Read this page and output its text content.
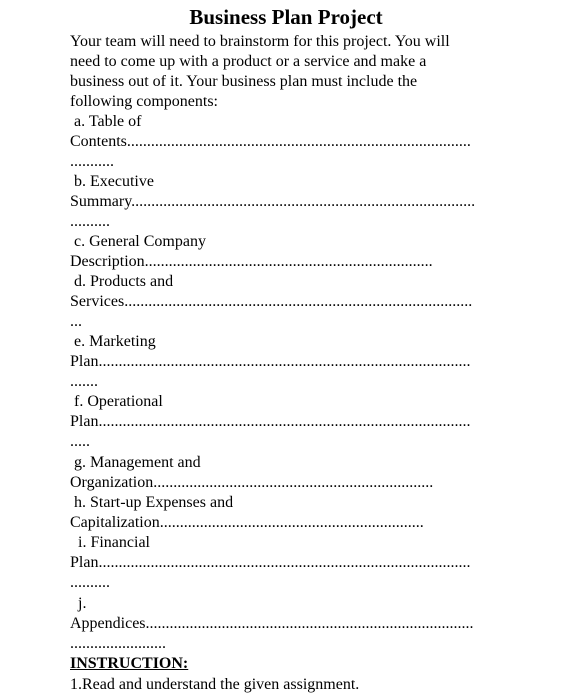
Business Plan Project
Your team will need to brainstorm for this project. You will
need to come up with a product or a service and make a
business out of it. Your business plan must include the
following components:
a. Table of
Contents......................................................................................
...........
b. Executive
Summary......................................................................................
..........
c. General Company
Description........................................................................
d. Products and
Services.......................................................................................
...
e. Marketing
Plan.............................................................................................
.......
f. Operational
Plan.............................................................................................
.....
g. Management and
Organization......................................................................
h. Start-up Expenses and
Capitalization..................................................................
i. Financial
Plan.............................................................................................
..........
j.
Appendices..................................................................................
........................
INSTRUCTION:
1.Read and understand the given assignment.
